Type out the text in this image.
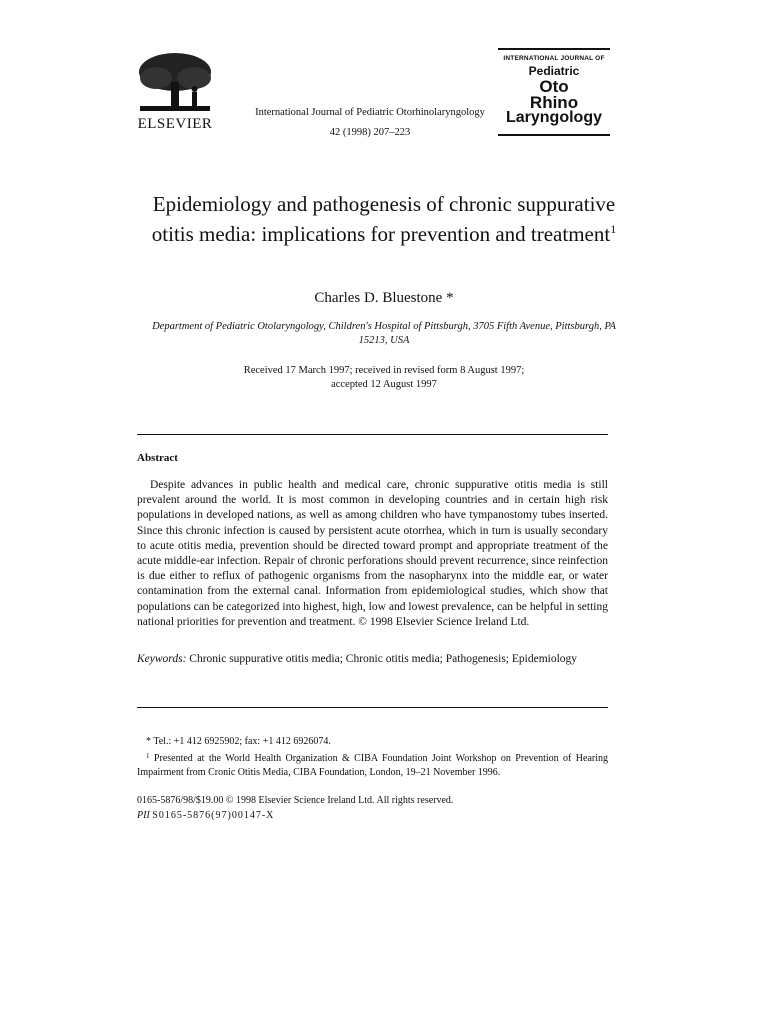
ELSEVIER
International Journal of Pediatric Otorhinolaryngology
42 (1998) 207–223
INTERNATIONAL JOURNAL OF
Pediatric
Oto
Rhino
Laryngology
Epidemiology and pathogenesis of chronic suppurative otitis media: implications for prevention and treatment$^1$
Charles D. Bluestone *
Department of Pediatric Otolaryngology, Children's Hospital of Pittsburgh, 3705 Fifth Avenue, Pittsburgh, PA 15213, USA
Received 17 March 1997; received in revised form 8 August 1997;
accepted 12 August 1997
Abstract
Despite advances in public health and medical care, chronic suppurative otitis media is still prevalent around the world. It is most common in developing countries and in certain high risk populations in developed nations, as well as among children who have tympanostomy tubes inserted. Since this chronic infection is caused by persistent acute otorrhea, which in turn is usually secondary to acute otitis media, prevention should be directed toward prompt and appropriate treatment of the acute middle-ear infection. Repair of chronic perforations should prevent recurrence, since reinfection is due either to reflux of pathogenic organisms from the nasopharynx into the middle ear, or water contamination from the external canal. Information from epidemiological studies, which show that populations can be categorized into highest, high, low and lowest prevalence, can be helpful in setting national priorities for prevention and treatment. © 1998 Elsevier Science Ireland Ltd.
Keywords: Chronic suppurative otitis media; Chronic otitis media; Pathogenesis; Epidemiology
* Tel.: +1 412 6925902; fax: +1 412 6926074.
$^1$ Presented at the World Health Organization & CIBA Foundation Joint Workshop on Prevention of Hearing Impairment from Cronic Otitis Media, CIBA Foundation, London, 19–21 November 1996.
0165-5876/98/$19.00 © 1998 Elsevier Science Ireland Ltd. All rights reserved.
PII S0165-5876(97)00147-X
